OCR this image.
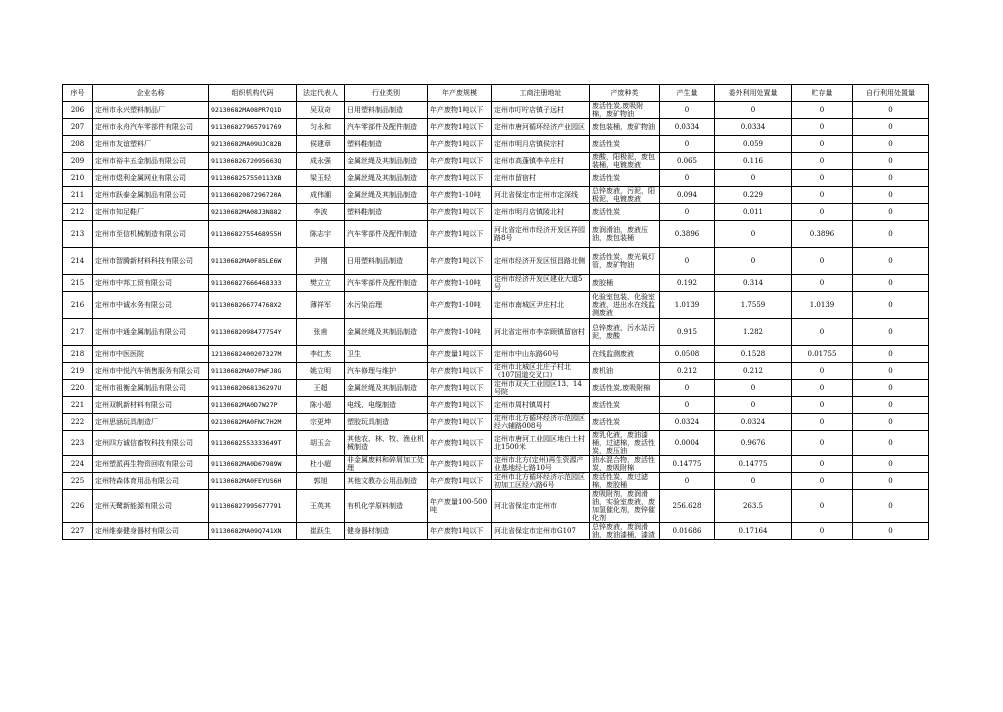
序号	企业名称	组织机构代码	法定代表人	行业类别	年产废规模	工商注册地址	产废种类	产生量	委外利用处置量	贮存量	自行利用处置量
206	定州市永兴塑料制品厂	92130682MA08PR7Q1D	吴双奇	日用塑料制品制造	年产废物1吨以下	定州市叮咛店镇子远村	废活性炭,废吸附棉，废矿物油	0	0	0	0
207	定州市永舟汽车零部件有限公司	91130682796579176​9	匀永和	汽车零部件及配件制造	年产废物1吨以下	定州市唐河循环经济产业园区	废包装桶，废矿物油	0.0334	0.0334	0	0
208	定州市友谊塑料厂	92130682MA09UJC82B	侯建章	塑料鞋制造	年产废物1吨以下	定州市明月店镇侯宗村	废活性炭	0	0.059	0	0
209	定州市裕丰五金制品有限公司	9113068267209566​3Q	成永强	金属丝绳及其制品制造	年产废物1吨以下	定州市高蓬镇李辛庄村	废酸，阳极泥，废包装桶，电镀废液	0.065	0.116	0	0
210	定州市煜利金属网业有限公司	91130682575501​13XB	梁玉轻	金属丝绳及其制品制造	年产废物1吨以下	定州市留宿村	废活性炭	0	0	0	0
211	定州市跃泰金属制品有限公司	9113068208729672​0A	成伟潮	金属丝绳及其制品制造	年产废物1-10吨	河北省保定市定州市定深线	总锌废液，污泥，阳极泥，电镀废液	0.094	0.229	0	0
212	定州市知足鞋厂	92130682MA08J3N882	李波	塑料鞋制造	年产废物1吨以下	定州市明月店镇陵北村	废活性炭	0	0.011	0	0
213	定州市至信机械制造有限公司	9113068275546895​5H	陈志宇	汽车零部件及配件制造	年产废物1吨以下	河北省定州市经济开发区祥园路8号	废润滑油，废液压油，废包装桶	0.3896	0	0.3896	0
214	定州市智腾新材料科技有限公司	91130682MA0F85LE6W	尹刚	日用塑料制品制造	年产废物1吨以下	定州市经济开发区恒昌路北侧	废活性炭，废光氧灯管，废矿物油	0	0	0	0
215	定州市中邦工贸有限公司	9113068276664683​33	樊立立	汽车零部件及配件制造	年产废物1-10吨	定州市经济开发区建业大道5号	废胶桶	0.192	0.314	0	0
216	定州市中诚水务有限公司	9113068266774768​X2	薄祥军	水污染治理	年产废物1-10吨	定州市南城区尹庄村北	化验室包装，化验室废液，进出水在线监测废液	1.0139	1.7559	1.0139	0
217	定州市中通金属制品有限公司	9113068209847775​4Y	张甫	金属丝绳及其制品制造	年产废物1-10吨	河北省定州市李亲顾镇留宿村	总锌废液，污水站污泥，废酸	0.915	1.282	0	0
218	定州市中医医院	12130682400207327M	李红杰	卫生	年产废量1吨以下	定州市中山东路60号	在线监测废液	0.0508	0.1528	0.01755	0
219	定州市中悦汽车销售服务有限公司	91130682MA07PWFJ8G	姚立明	汽车修理与维护	年产废物1吨以下	定州市北城区北庄子村北（107国道交叉口）	废机油	0.212	0.212	0	0
220	定州市祖衡金属制品有限公司	9113068206813629​7U	王超	金属丝绳及其制品制造	年产废物1吨以下	定州市双天工业园区13、14号院	废活性炭,废吸附棉	0	0	0	0
221	定州双帆新材料有限公司	91130682MA0D7W27P	陈小超	电线、电缆制造	年产废物1吨以下	定州市周村镇周村	废活性炭	0	0	0	0
222	定州思涵玩具制造厂	92130682MA0FNC7H2M	宗更坤	塑胶玩具制造	年产废物1吨以下	定州市北方循环经济示范园区经六辅路008号	废活性炭	0.0324	0.0324	0	0
223	定州四方诚信畜牧科技有限公司	9113068255333364​9T	胡玉会	其他农、林、牧、渔业机械制造	年产废物1吨以下	定州市唐河工业园区地白土村北1500米	废乳化液，废油漆桶，过滤棉，废活性炭，废压油	0.0004	0.9676	0	0
224	定州塑派再生物资回收有限公司	91130682MA0D6798​9W	杜小超	非金属废料和碎屑加工处理	年产废物1吨以下	定州市北方(定州)再生资源产业基地经七路10号	油水混合物，废活性炭，废吸附棉	0.14775	0.14775	0	0
225	定州特森体育用品有限公司	91130682MA0FEYUS6H	郭旭	其他文教办公用品制造	年产废物1吨以下	定州市北方循环经济示范园区初加工区经六路6号	废活性炭，废过滤棉，废胶桶	0	0	0	0
226	定州天鹭新能源有限公司	9113068279956777​91	王英其	有机化学原料制造	年产废量100-500吨	河北省保定市定州市	废吸附剂，废润滑油，实验室废液，废加氢催化剂，废锌催化剂	256.628	263.5	0	0
227	定州维泰健身器材有限公司	91130682MA09Q741XN	崔跃生	健身器材制造	年产废物1吨以下	河北省保定市定州市G107	总锌废液，废润滑油，废油漆桶，漆渣	0.01686	0.17164	0	0
